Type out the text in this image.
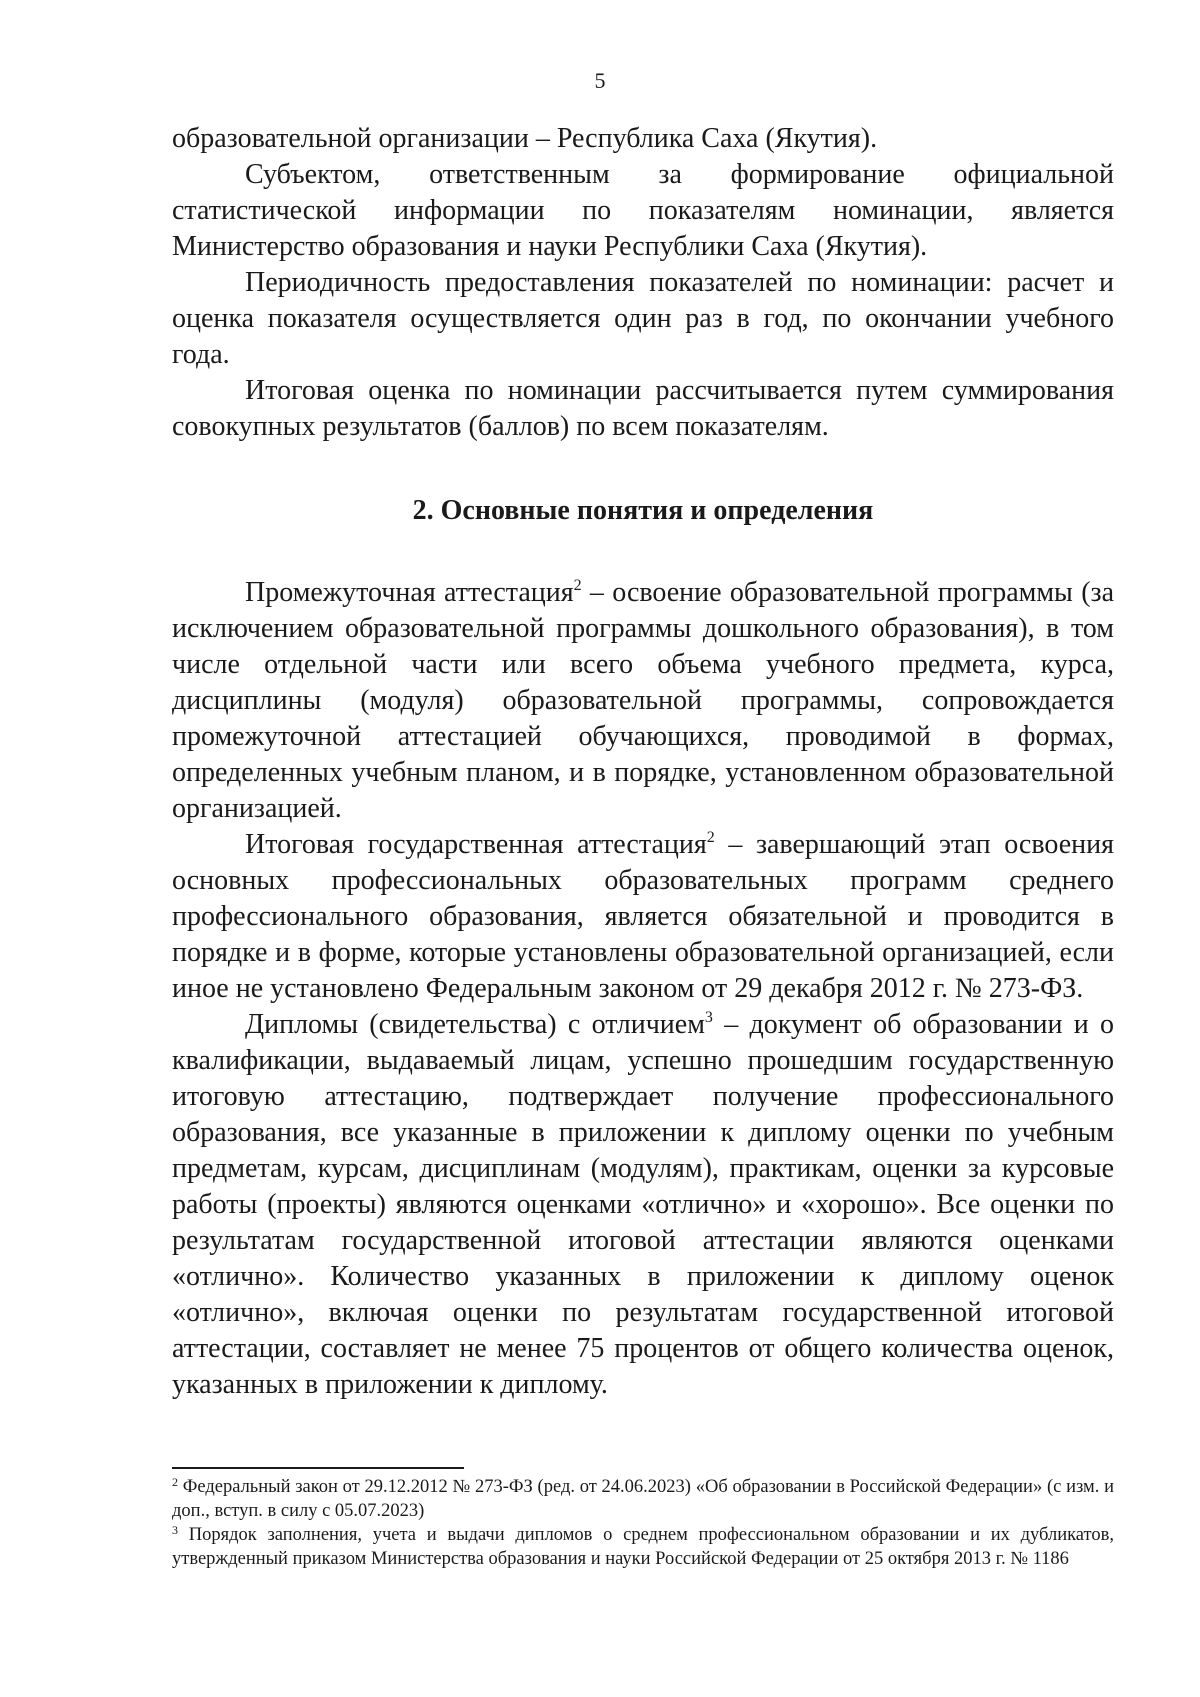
5

образовательной организации – Республика Саха (Якутия).

Субъектом, ответственным за формирование официальной статистической информации по показателям номинации, является Министерство образования и науки Республики Саха (Якутия).

Периодичность предоставления показателей по номинации: расчет и оценка показателя осуществляется один раз в год, по окончании учебного года.

Итоговая оценка по номинации рассчитывается путем суммирования совокупных результатов (баллов) по всем показателям.

2. Основные понятия и определения

Промежуточная аттестация$^2$ – освоение образовательной программы (за исключением образовательной программы дошкольного образования), в том числе отдельной части или всего объема учебного предмета, курса, дисциплины (модуля) образовательной программы, сопровождается промежуточной аттестацией обучающихся, проводимой в формах, определенных учебным планом, и в порядке, установленном образовательной организацией.

Итоговая государственная аттестация$^2$ – завершающий этап освоения основных профессиональных образовательных программ среднего профессионального образования, является обязательной и проводится в порядке и в форме, которые установлены образовательной организацией, если иное не установлено Федеральным законом от 29 декабря 2012 г. № 273-ФЗ.

Дипломы (свидетельства) с отличием$^3$ – документ об образовании и о квалификации, выдаваемый лицам, успешно прошедшим государственную итоговую аттестацию, подтверждает получение профессионального образования, все указанные в приложении к диплому оценки по учебным предметам, курсам, дисциплинам (модулям), практикам, оценки за курсовые работы (проекты) являются оценками «отлично» и «хорошо». Все оценки по результатам государственной итоговой аттестации являются оценками «отлично». Количество указанных в приложении к диплому оценок «отлично», включая оценки по результатам государственной итоговой аттестации, составляет не менее 75 процентов от общего количества оценок, указанных в приложении к диплому.

$^2$ Федеральный закон от 29.12.2012 № 273-ФЗ (ред. от 24.06.2023) «Об образовании в Российской Федерации» (с изм. и доп., вступ. в силу с 05.07.2023)

$^3$ Порядок заполнения, учета и выдачи дипломов о среднем профессиональном образовании и их дубликатов, утвержденный приказом Министерства образования и науки Российской Федерации от 25 октября 2013 г. № 1186
